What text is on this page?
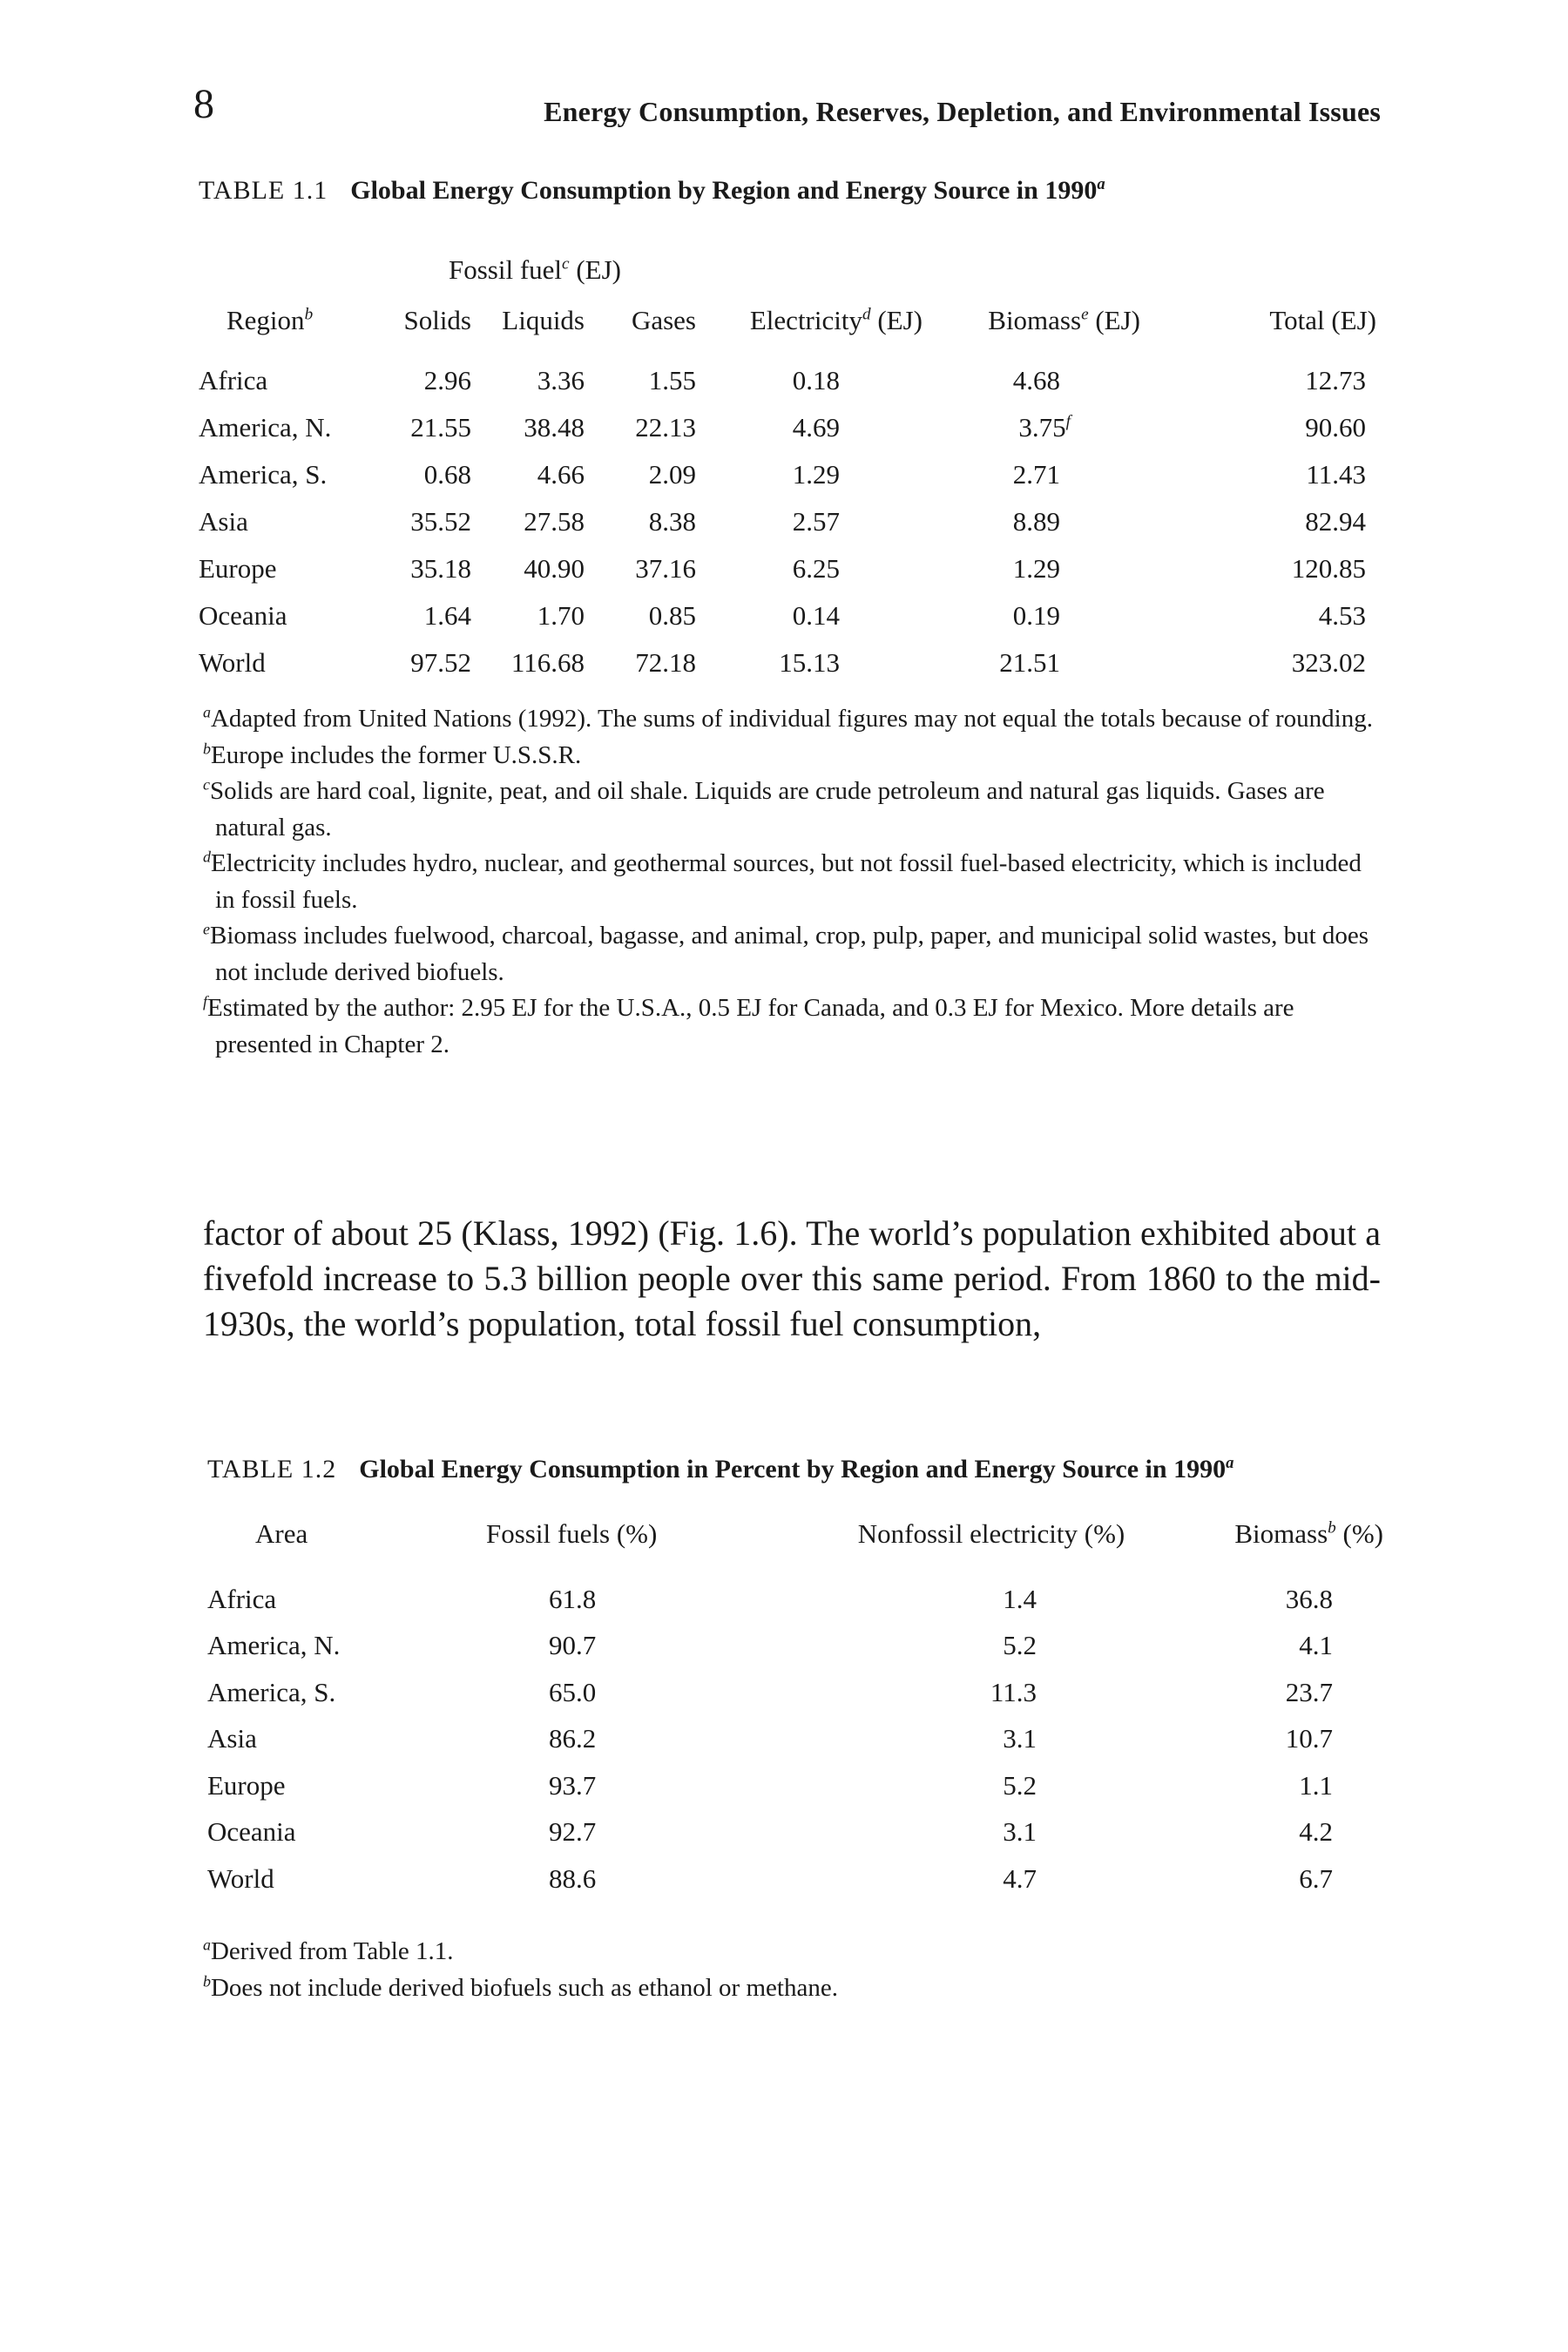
8	Energy Consumption, Reserves, Depletion, and Environmental Issues
TABLE 1.1 Global Energy Consumption by Region and Energy Source in 1990$^a$
	Fossil fuel$^c$ (EJ)					
Region$^b$	Solids	Liquids	Gases	Electricity$^d$ (EJ)	Biomass$^e$ (EJ)	Total (EJ)

Africa	2.96	3.36	1.55	0.18	4.68	12.73
America, N.	21.55	38.48	22.13	4.69	3.75$^f$	90.60
America, S.	0.68	4.66	2.09	1.29	2.71	11.43
Asia	35.52	27.58	8.38	2.57	8.89	82.94
Europe	35.18	40.90	37.16	6.25	1.29	120.85
Oceania	1.64	1.70	0.85	0.14	0.19	4.53
World	97.52	116.68	72.18	15.13	21.51	323.02

$^a$Adapted from United Nations (1992). The sums of individual figures may not equal the totals because of rounding.

$^b$Europe includes the former U.S.S.R.

$^c$Solids are hard coal, lignite, peat, and oil shale. Liquids are crude petroleum and natural gas liquids. Gases are natural gas.

$^d$Electricity includes hydro, nuclear, and geothermal sources, but not fossil fuel-based electricity, which is included in fossil fuels.

$^e$Biomass includes fuelwood, charcoal, bagasse, and animal, crop, pulp, paper, and municipal solid wastes, but does not include derived biofuels.

$^f$Estimated by the author: 2.95 EJ for the U.S.A., 0.5 EJ for Canada, and 0.3 EJ for Mexico. More details are presented in Chapter 2.

factor of about 25 (Klass, 1992) (Fig. 1.6). The world’s population exhibited about a fivefold increase to 5.3 billion people over this same period. From 1860 to the mid-1930s, the world’s population, total fossil fuel consumption,
TABLE 1.2 Global Energy Consumption in Percent by Region and Energy Source in 1990$^a$
Area	Fossil fuels (%)	Nonfossil electricity (%)	Biomass$^b$ (%)

Africa	61.8	1.4	36.8
America, N.	90.7	5.2	4.1
America, S.	65.0	11.3	23.7
Asia	86.2	3.1	10.7
Europe	93.7	5.2	1.1
Oceania	92.7	3.1	4.2
World	88.6	4.7	6.7

$^a$Derived from Table 1.1.

$^b$Does not include derived biofuels such as ethanol or methane.
